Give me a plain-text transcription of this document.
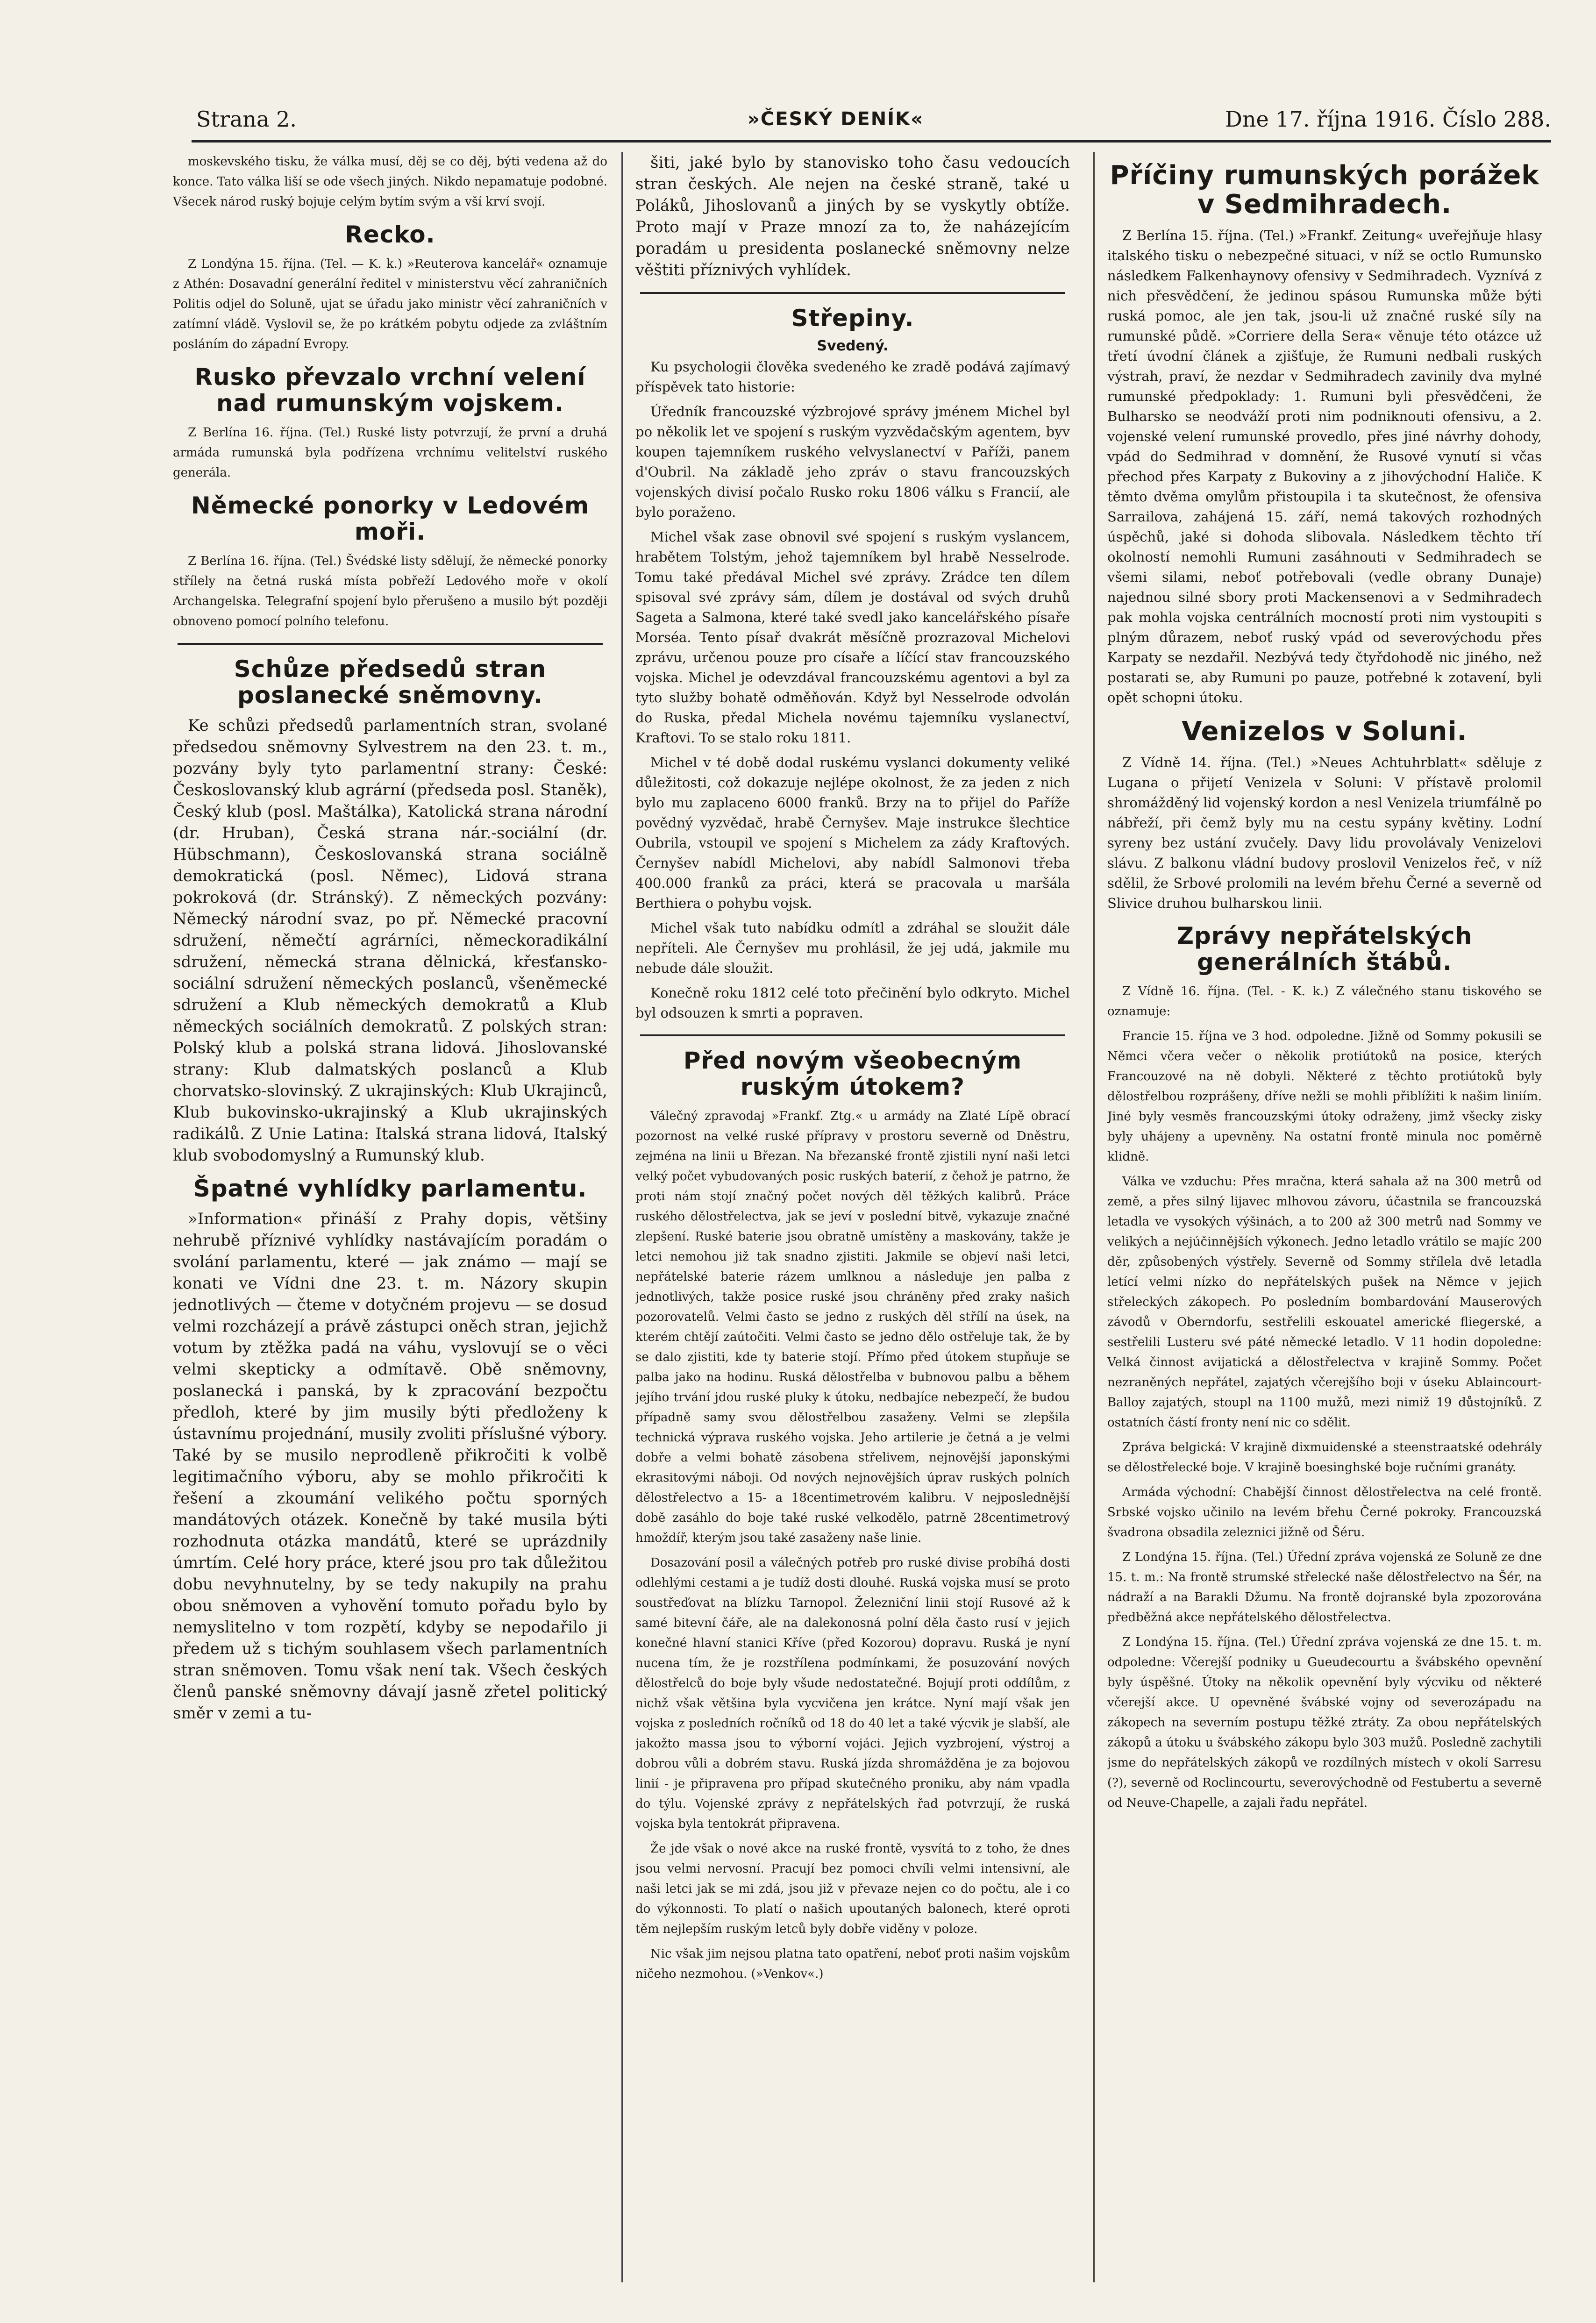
Strana 2.	»ČESKÝ DENÍK«	Dne 17. října 1916. Číslo 288.

moskevského tisku, že válka musí, děj se co děj, býti vedena až do konce. Tato válka liší se ode všech jiných. Nikdo nepamatuje podobné. Všecek národ ruský bojuje celým bytím svým a vší krví svojí.

Recko.

Z Londýna 15. října. (Tel. — K. k.) »Reuterova kancelář« oznamuje z Athén: Dosavadní generální ředitel v ministerstvu věcí zahraničních Politis odjel do Soluně, ujat se úřadu jako ministr věcí zahraničních v zatímní vládě. Vyslovil se, že po krátkém pobytu odjede za zvláštním posláním do západní Evropy.

Rusko převzalo vrchní velení nad rumunským vojskem.

Z Berlína 16. října. (Tel.) Ruské listy potvrzují, že první a druhá armáda rumunská byla podřízena vrchnímu velitelství ruského generála.

Německé ponorky v Ledovém moři.

Z Berlína 16. října. (Tel.) Švédské listy sdělují, že německé ponorky střílely na četná ruská místa pobřeží Ledového moře v okolí Archangelska. Telegrafní spojení bylo přerušeno a musilo být později obnoveno pomocí polního telefonu.

Schůze předsedů stran poslanecké sněmovny.

Ke schůzi předsedů parlamentních stran, svolané předsedou sněmovny Sylvestrem na den 23. t. m., pozvány byly tyto parlamentní strany: České: Českoslovanský klub agrární (předseda posl. Staněk), Český klub (posl. Maštálka), Katolická strana národní (dr. Hruban), Česká strana nár.-sociální (dr. Hübschmann), Českoslovanská strana sociálně demokratická (posl. Němec), Lidová strana pokroková (dr. Stránský). Z německých pozvány: Německý národní svaz, po př. Německé pracovní sdružení, němečtí agrárníci, německoradikální sdružení, německá strana dělnická, křesťansko-sociální sdružení německých poslanců, všeněmecké sdružení a Klub německých demokratů a Klub německých sociálních demokratů. Z polských stran: Polský klub a polská strana lidová. Jihoslovanské strany: Klub dalmatských poslanců a Klub chorvatsko-slovinský. Z ukrajinských: Klub Ukrajinců, Klub bukovinsko-ukrajinský a Klub ukrajinských radikálů. Z Unie Latina: Italská strana lidová, Italský klub svobodomyslný a Rumunský klub.

Špatné vyhlídky parlamentu.

»Information« přináší z Prahy dopis, většiny nehrubě příznivé vyhlídky nastávajícím poradám o svolání parlamentu, které — jak známo — mají se konati ve Vídni dne 23. t. m. Názory skupin jednotlivých — čteme v dotyčném projevu — se dosud velmi rozcházejí a právě zástupci oněch stran, jejichž votum by ztěžka padá na váhu, vyslovují se o věci velmi skepticky a odmítavě. Obě sněmovny, poslanecká i panská, by k zpracování bezpočtu předloh, které by jim musily býti předloženy k ústavnímu projednání, musily zvoliti příslušné výbory. Také by se musilo neprodleně přikročiti k volbě legitimačního výboru, aby se mohlo přikročiti k řešení a zkoumání velikého počtu sporných mandátových otázek. Konečně by také musila býti rozhodnuta otázka mandátů, které se uprázdnily úmrtím. Celé hory práce, které jsou pro tak důležitou dobu nevyhnutelny, by se tedy nakupily na prahu obou sněmoven a vyhovění tomuto pořadu bylo by nemyslitelno v tom rozpětí, kdyby se nepodařilo ji předem už s tichým souhlasem všech parlamentních stran sněmoven. Tomu však není tak. Všech českých členů panské sněmovny dávají jasně zřetel politický směr v zemi a tu-

šiti, jaké bylo by stanovisko toho času vedoucích stran českých. Ale nejen na české straně, také u Poláků, Jihoslovanů a jiných by se vyskytly obtíže. Proto mají v Praze mnozí za to, že naházejícím poradám u presidenta poslanecké sněmovny nelze věštiti příznivých vyhlídek.

Střepiny.
Svedený.

Ku psychologii člověka svedeného ke zradě podává zajímavý příspěvek tato historie:

Úředník francouzské výzbrojové správy jménem Michel byl po několik let ve spojení s ruským vyzvědačským agentem, byv koupen tajemníkem ruského velvyslanectví v Paříži, panem d'Oubril. Na základě jeho zpráv o stavu francouzských vojenských divisí počalo Rusko roku 1806 válku s Francií, ale bylo poraženo.

Michel však zase obnovil své spojení s ruským vyslancem, hrabětem Tolstým, jehož tajemníkem byl hrabě Nesselrode. Tomu také předával Michel své zprávy. Zrádce ten dílem spisoval své zprávy sám, dílem je dostával od svých druhů Sageta a Salmona, které také svedl jako kancelářského písaře Morséa. Tento písař dvakrát měsíčně prozrazoval Michelovi zprávu, určenou pouze pro císaře a líčící stav francouzského vojska. Michel je odevzdával francouzskému agentovi a byl za tyto služby bohatě odměňován. Když byl Nesselrode odvolán do Ruska, předal Michela novému tajemníku vyslanectví, Kraftovi. To se stalo roku 1811.

Michel v té době dodal ruskému vyslanci dokumenty veliké důležitosti, což dokazuje nejlépe okolnost, že za jeden z nich bylo mu zaplaceno 6000 franků. Brzy na to přijel do Paříže povědný vyzvědač, hrabě Černyšev. Maje instrukce šlechtice Oubrila, vstoupil ve spojení s Michelem za zády Kraftových. Černyšev nabídl Michelovi, aby nabídl Salmonovi třeba 400.000 franků za práci, která se pracovala u maršála Berthiera o pohybu vojsk.

Michel však tuto nabídku odmítl a zdráhal se sloužit dále nepříteli. Ale Černyšev mu prohlásil, že jej udá, jakmile mu nebude dále sloužit.

Konečně roku 1812 celé toto přečinění bylo odkryto. Michel byl odsouzen k smrti a popraven.

Před novým všeobecným ruským útokem?

Válečný zpravodaj »Frankf. Ztg.« u armády na Zlaté Lípě obrací pozornost na velké ruské přípravy v prostoru severně od Dněstru, zejména na linii u Březan. Na březanské frontě zjistili nyní naši letci velký počet vybudovaných posic ruských baterií, z čehož je patrno, že proti nám stojí značný počet nových děl těžkých kalibrů. Práce ruského dělostřelectva, jak se jeví v poslední bitvě, vykazuje značné zlepšení. Ruské baterie jsou obratně umístěny a maskovány, takže je letci nemohou již tak snadno zjistiti. Jakmile se objeví naši letci, nepřátelské baterie rázem umlknou a následuje jen palba z jednotlivých, takže posice ruské jsou chráněny před zraky našich pozorovatelů. Velmi často se jedno z ruských děl střílí na úsek, na kterém chtějí zaútočiti. Velmi často se jedno dělo ostřeluje tak, že by se dalo zjistiti, kde ty baterie stojí. Přímo před útokem stupňuje se palba jako na hodinu. Ruská dělostřelba v bubnovou palbu a během jejího trvání jdou ruské pluky k útoku, nedbajíce nebezpečí, že budou případně samy svou dělostřelbou zasaženy. Velmi se zlepšila technická výprava ruského vojska. Jeho artilerie je četná a je velmi dobře a velmi bohatě zásobena střelivem, nejnovější japonskými ekrasitovými náboji. Od nových nejnovějších úprav ruských polních dělostřelectvo a 15- a 18centimetrovém kalibru. V nejposlednější době zasáhlo do boje také ruské velkodělo, patrně 28centimetrový hmoždíř, kterým jsou také zasaženy naše linie.

Dosazování posil a válečných potřeb pro ruské divise probíhá dosti odlehlými cestami a je tudíž dosti dlouhé. Ruská vojska musí se proto soustřeďovat na blízku Tarnopol. Železniční linii stojí Rusové až k samé bitevní čáře, ale na dalekonosná polní děla často rusí v jejich konečné hlavní stanici Kříve (před Kozorou) dopravu. Ruská je nyní nucena tím, že je rozstřílena podmínkami, že posuzování nových dělostřelců do boje byly všude nedostatečné. Bojují proti oddílům, z nichž však většina byla vycvičena jen krátce. Nyní mají však jen vojska z posledních ročníků od 18 do 40 let a také výcvik je slabší, ale jakožto massa jsou to výborní vojáci. Jejich vyzbrojení, výstroj a dobrou vůli a dobrém stavu. Ruská jízda shromážděna je za bojovou linií - je připravena pro případ skutečného proniku, aby nám vpadla do týlu. Vojenské zprávy z nepřátelských řad potvrzují, že ruská vojska byla tentokrát připravena.

Že jde však o nové akce na ruské frontě, vysvítá to z toho, že dnes jsou velmi nervosní. Pracují bez pomoci chvíli velmi intensivní, ale naši letci jak se mi zdá, jsou již v převaze nejen co do počtu, ale i co do výkonnosti. To platí o našich upoutaných balonech, které oproti těm nejlepším ruským letců byly dobře viděny v poloze.

Nic však jim nejsou platna tato opatření, neboť proti našim vojskům ničeho nezmohou. (»Venkov«.)

Příčiny rumunských porážek v Sedmihradech.

Z Berlína 15. října. (Tel.) »Frankf. Zeitung« uveřejňuje hlasy italského tisku o nebezpečné situaci, v níž se octlo Rumunsko následkem Falkenhaynovy ofensivy v Sedmihradech. Vyznívá z nich přesvědčení, že jedinou spásou Rumunska může býti ruská pomoc, ale jen tak, jsou-li už značné ruské síly na rumunské půdě. »Corriere della Sera« věnuje této otázce už třetí úvodní článek a zjišťuje, že Rumuni nedbali ruských výstrah, praví, že nezdar v Sedmihradech zavinily dva mylné rumunské předpoklady: 1. Rumuni byli přesvědčeni, že Bulharsko se neodváží proti nim podniknouti ofensivu, a 2. vojenské velení rumunské provedlo, přes jiné návrhy dohody, vpád do Sedmihrad v domnění, že Rusové vynutí si včas přechod přes Karpaty z Bukoviny a z jihovýchodní Haliče. K těmto dvěma omylům přistoupila i ta skutečnost, že ofensiva Sarrailova, zahájená 15. září, nemá takových rozhodných úspěchů, jaké si dohoda slibovala. Následkem těchto tří okolností nemohli Rumuni zasáhnouti v Sedmihradech se všemi silami, neboť potřebovali (vedle obrany Dunaje) najednou silné sbory proti Mackensenovi a v Sedmihradech pak mohla vojska centrálních mocností proti nim vystoupiti s plným důrazem, neboť ruský vpád od severovýchodu přes Karpaty se nezdařil. Nezbývá tedy čtyřdohodě nic jiného, než postarati se, aby Rumuni po pauze, potřebné k zotavení, byli opět schopni útoku.

Venizelos v Soluni.

Z Vídně 14. října. (Tel.) »Neues Achtuhrblatt« sděluje z Lugana o přijetí Venizela v Soluni: V přístavě prolomil shromážděný lid vojenský kordon a nesl Venizela triumfálně po nábřeží, při čemž byly mu na cestu sypány květiny. Lodní syreny bez ustání zvučely. Davy lidu provolávaly Venizelovi slávu. Z balkonu vládní budovy proslovil Venizelos řeč, v níž sdělil, že Srbové prolomili na levém břehu Černé a severně od Slivice druhou bulharskou linii.

Zprávy nepřátelských generálních štábů.

Z Vídně 16. října. (Tel. - K. k.) Z válečného stanu tiskového se oznamuje:

Francie 15. října ve 3 hod. odpoledne. Jižně od Sommy pokusili se Němci včera večer o několik protiútoků na posice, kterých Francouzové na ně dobyli. Některé z těchto protiútoků byly dělostřelbou rozprášeny, dříve nežli se mohli přiblížiti k našim liniím. Jiné byly vesměs francouzskými útoky odraženy, jimž všecky zisky byly uhájeny a upevněny. Na ostatní frontě minula noc poměrně klidně.

Válka ve vzduchu: Přes mračna, která sahala až na 300 metrů od země, a přes silný lijavec mlhovou závoru, účastnila se francouzská letadla ve vysokých výšinách, a to 200 až 300 metrů nad Sommy ve velikých a nejúčinnějších výkonech. Jedno letadlo vrátilo se majíc 200 děr, způsobených výstřely. Severně od Sommy střílela dvě letadla letící velmi nízko do nepřátelských pušek na Němce v jejich střeleckých zákopech. Po posledním bombardování Mauserových závodů v Oberndorfu, sestřelili eskouatel americké fliegerské, a sestřelili Lusteru své páté německé letadlo. V 11 hodin dopoledne: Velká činnost avijatická a dělostřelectva v krajině Sommy. Počet nezraněných nepřátel, zajatých včerejšího boji v úseku Ablaincourt-Balloy zajatých, stoupl na 1100 mužů, mezi nimiž 19 důstojníků. Z ostatních částí fronty není nic co sdělit.

Zpráva belgická: V krajině dixmuidenské a steenstraatské odehrály se dělostřelecké boje. V krajině boesinghské boje ručními granáty.

Armáda východní: Chabější činnost dělostřelectva na celé frontě. Srbské vojsko učinilo na levém břehu Černé pokroky. Francouzská švadrona obsadila zeleznici jižně od Šéru.

Z Londýna 15. října. (Tel.) Úřední zpráva vojenská ze Soluně ze dne 15. t. m.: Na frontě strumské střelecké naše dělostřelectvo na Šér, na nádraží a na Barakli Džumu. Na frontě dojranské byla zpozorována předběžná akce nepřátelského dělostřelectva.

Z Londýna 15. října. (Tel.) Úřední zpráva vojenská ze dne 15. t. m. odpoledne: Včerejší podniky u Gueudecourtu a švábského opevnění byly úspěšné. Útoky na několik opevnění byly výcviku od některé včerejší akce. U opevněné švábské vojny od severozápadu na zákopech na severním postupu těžké ztráty. Za obou nepřátelských zákopů a útoku u švábského zákopu bylo 303 mužů. Posledně zachytili jsme do nepřátelských zákopů ve rozdílných místech v okolí Sarresu (?), severně od Roclincourtu, severovýchodně od Festubertu a severně od Neuve-Chapelle, a zajali řadu nepřátel.
